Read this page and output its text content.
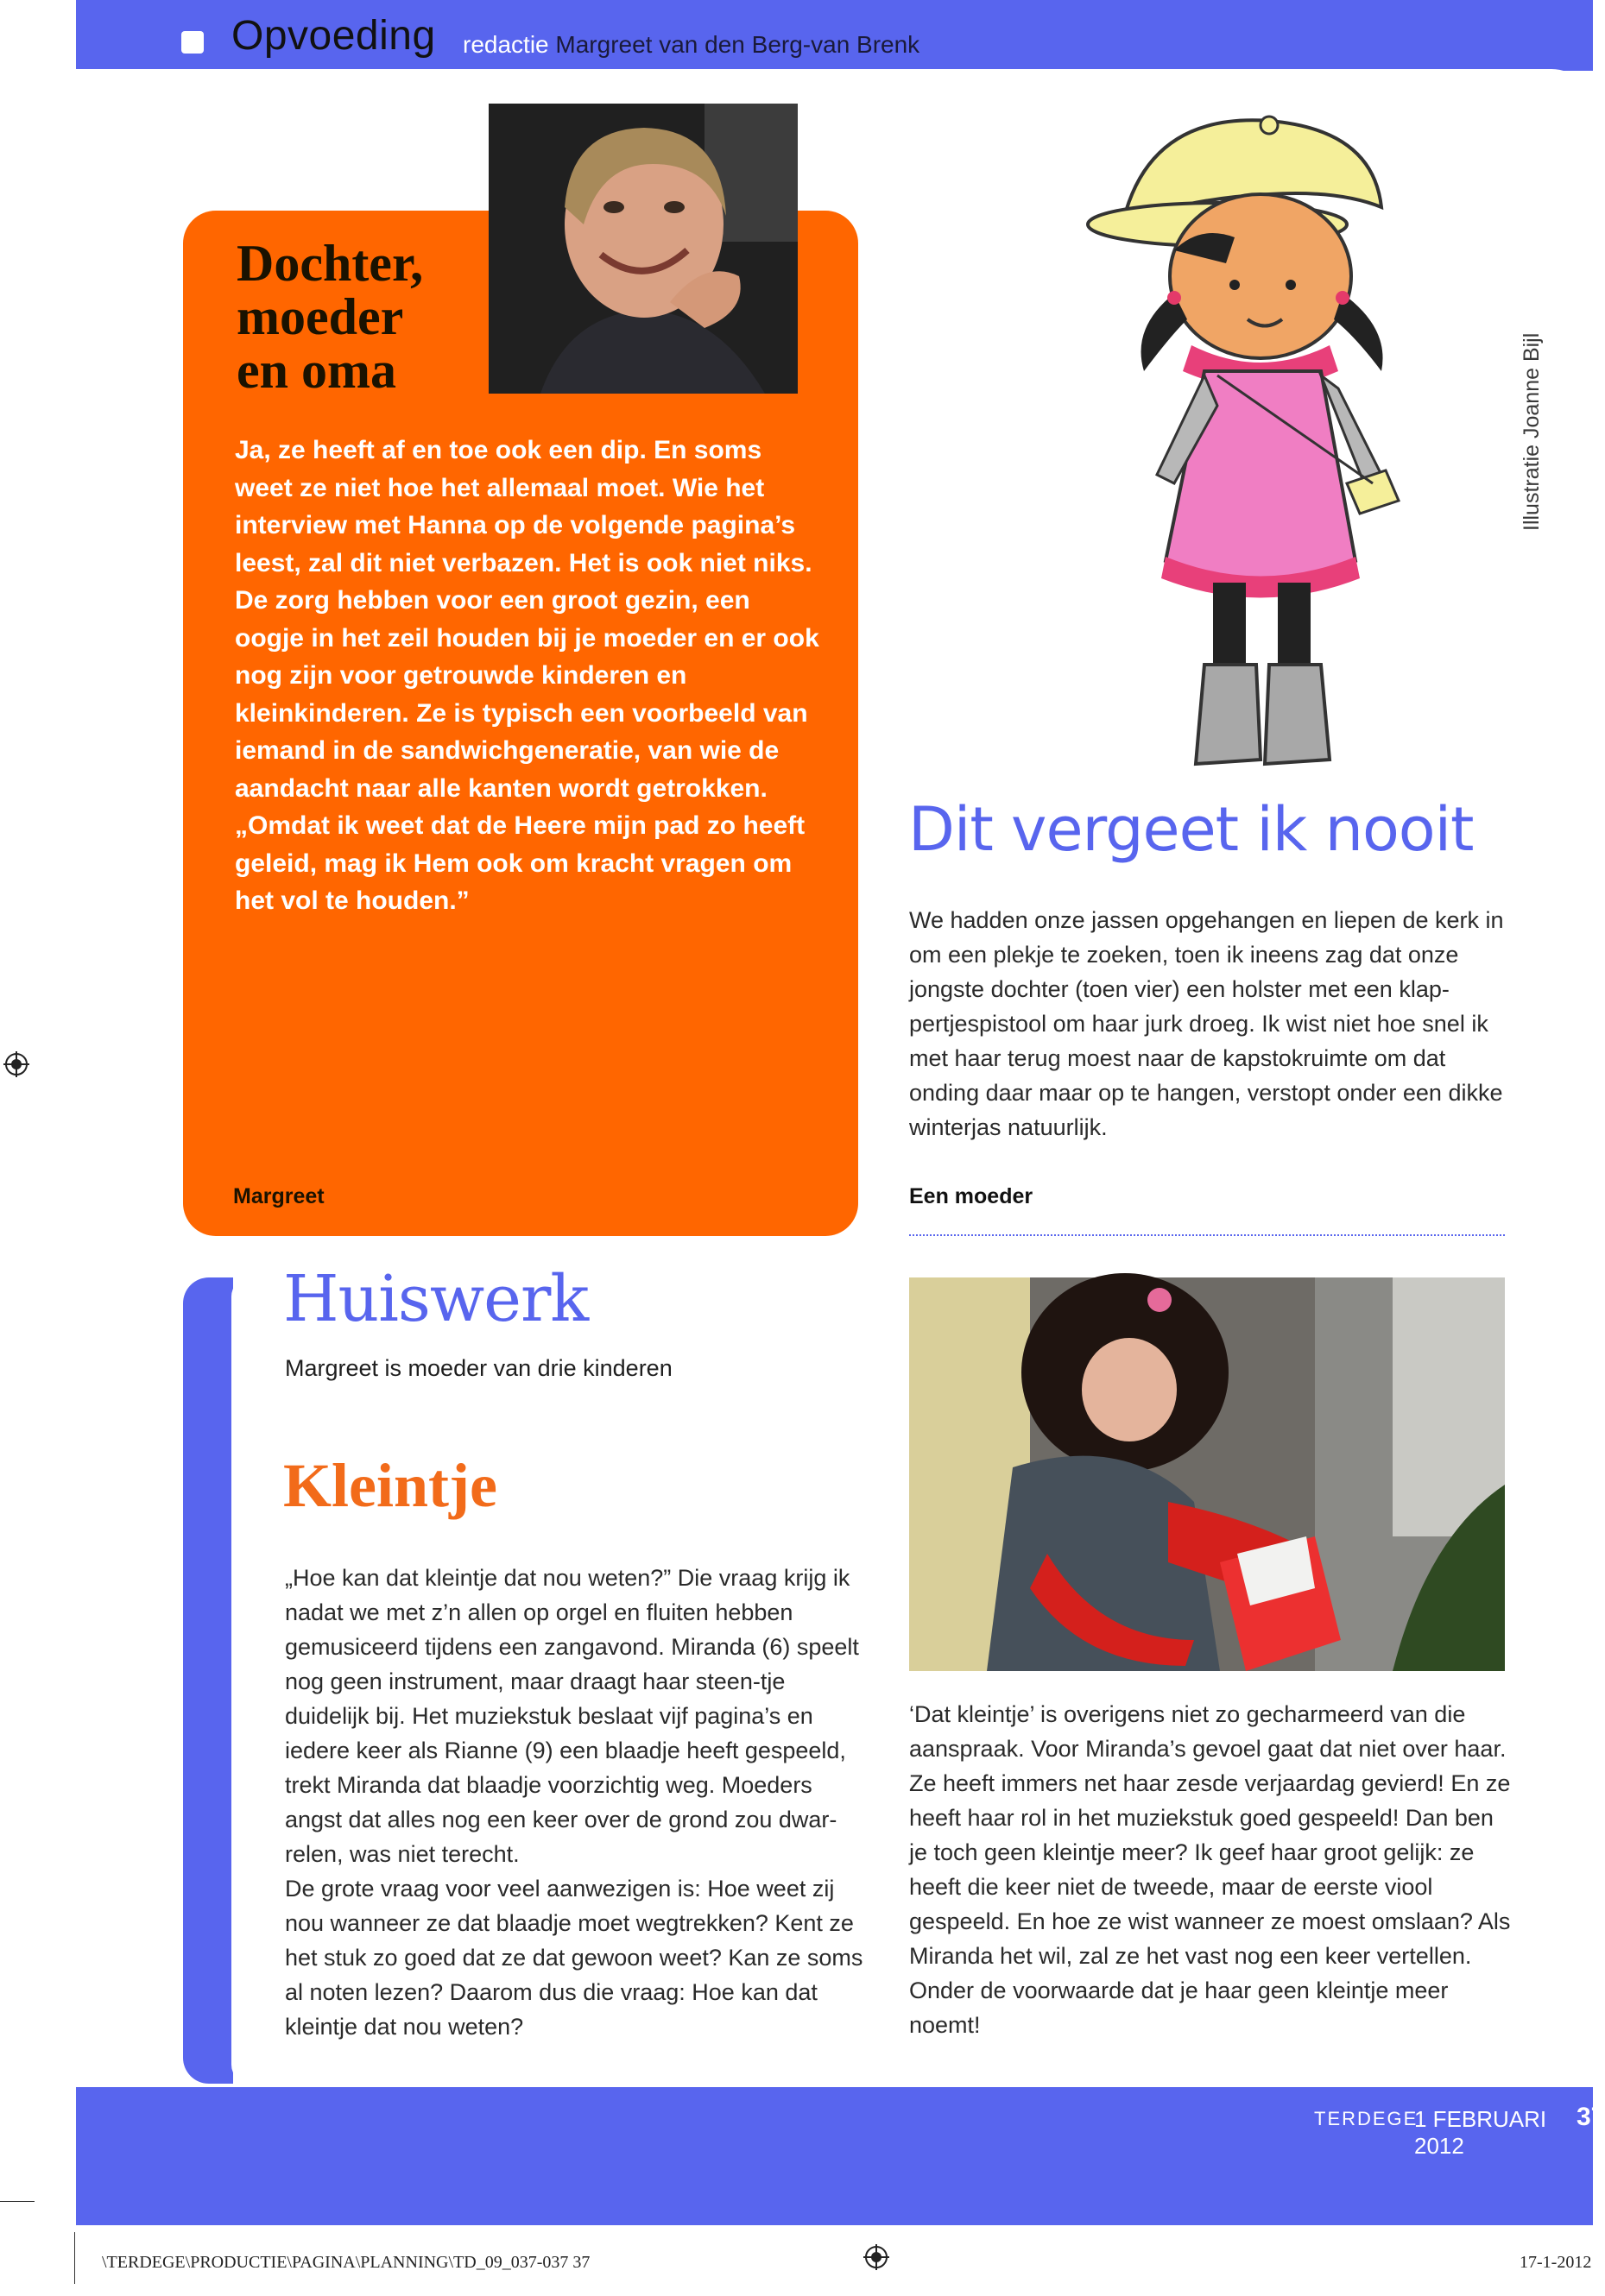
Opvoeding redactie Margreet van den Berg-van Brenk
Dochter,
moeder
en oma
Ja, ze heeft af en toe ook een dip. En soms weet ze niet hoe het allemaal moet. Wie het interview met Hanna op de volgende pagina’s leest, zal dit niet verbazen. Het is ook niet niks. De zorg hebben voor een groot gezin, een oogje in het zeil houden bij je moeder en er ook nog zijn voor getrouwde kinderen en kleinkinderen. Ze is typisch een voorbeeld van iemand in de sandwichgeneratie, van wie de aandacht naar alle kanten wordt getrokken. „Omdat ik weet dat de Heere mijn pad zo heeft geleid, mag ik Hem ook om kracht vragen om het vol te houden.”
Margreet
Illustratie Joanne Bijl
Dit vergeet ik nooit
We hadden onze jassen opgehangen en liepen de kerk in om een plekje te zoeken, toen ik ineens zag dat onze jongste dochter (toen vier) een holster met een klap-pertjespistool om haar jurk droeg. Ik wist niet hoe snel ik met haar terug moest naar de kapstokruimte om dat onding daar maar op te hangen, verstopt onder een dikke winterjas natuurlijk.
Een moeder
Huiswerk
Margreet is moeder van drie kinderen
Kleintje
„Hoe kan dat kleintje dat nou weten?” Die vraag krijg ik nadat we met z’n allen op orgel en fluiten hebben gemusiceerd tijdens een zangavond. Miranda (6) speelt nog geen instrument, maar draagt haar steen-tje duidelijk bij. Het muziekstuk beslaat vijf pagina’s en iedere keer als Rianne (9) een blaadje heeft gespeeld, trekt Miranda dat blaadje voorzichtig weg. Moeders angst dat alles nog een keer over de grond zou dwar-relen, was niet terecht.
De grote vraag voor veel aanwezigen is: Hoe weet zij nou wanneer ze dat blaadje moet wegtrekken? Kent ze het stuk zo goed dat ze dat gewoon weet? Kan ze soms al noten lezen? Daarom dus die vraag: Hoe kan dat kleintje dat nou weten?
‘Dat kleintje’ is overigens niet zo gecharmeerd van die aanspraak. Voor Miranda’s gevoel gaat dat niet over haar. Ze heeft immers net haar zesde verjaardag gevierd! En ze heeft haar rol in het muziekstuk goed gespeeld! Dan ben je toch geen kleintje meer? Ik geef haar groot gelijk: ze heeft die keer niet de tweede, maar de eerste viool gespeeld. En hoe ze wist wanneer ze moest omslaan? Als Miranda het wil, zal ze het vast nog een keer vertellen. Onder de voorwaarde dat je haar geen kleintje meer noemt!
TERDEGE
1 FEBRUARI 2012
37
\TERDEGE\PRODUCTIE\PAGINA\PLANNING\TD_09_037-037 37	17-1-2012
